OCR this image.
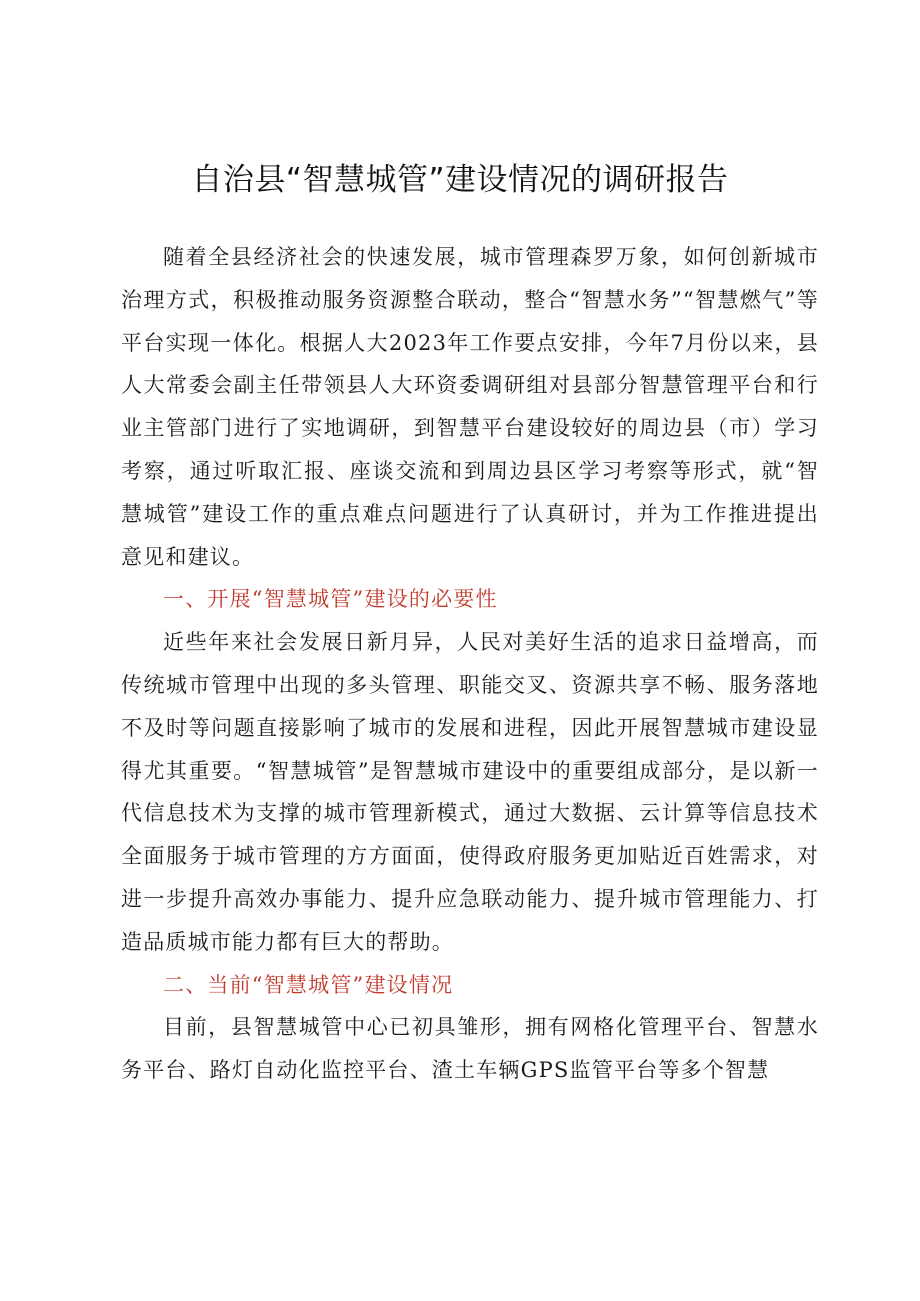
自治县“智慧城管”建设情况的调研报告

随着全县经济社会的快速发展，城市管理森罗万象，如何创新城市治理方式，积极推动服务资源整合联动，整合“智慧水务”“智慧燃气”等平台实现一体化。根据人大2023年工作要点安排，今年7月份以来，县人大常委会副主任带领县人大环资委调研组对县部分智慧管理平台和行业主管部门进行了实地调研，到智慧平台建设较好的周边县（市）学习考察，通过听取汇报、座谈交流和到周边县区学习考察等形式，就“智慧城管”建设工作的重点难点问题进行了认真研讨，并为工作推进提出意见和建议。

一、开展“智慧城管”建设的必要性

近些年来社会发展日新月异，人民对美好生活的追求日益增高，而传统城市管理中出现的多头管理、职能交叉、资源共享不畅、服务落地不及时等问题直接影响了城市的发展和进程，因此开展智慧城市建设显得尤其重要。“智慧城管”是智慧城市建设中的重要组成部分，是以新一代信息技术为支撑的城市管理新模式，通过大数据、云计算等信息技术全面服务于城市管理的方方面面，使得政府服务更加贴近百姓需求，对进一步提升高效办事能力、提升应急联动能力、提升城市管理能力、打造品质城市能力都有巨大的帮助。

二、当前“智慧城管”建设情况

目前，县智慧城管中心已初具雏形，拥有网格化管理平台、智慧水务平台、路灯自动化监控平台、渣土车辆GPS监管平台等多个智慧
